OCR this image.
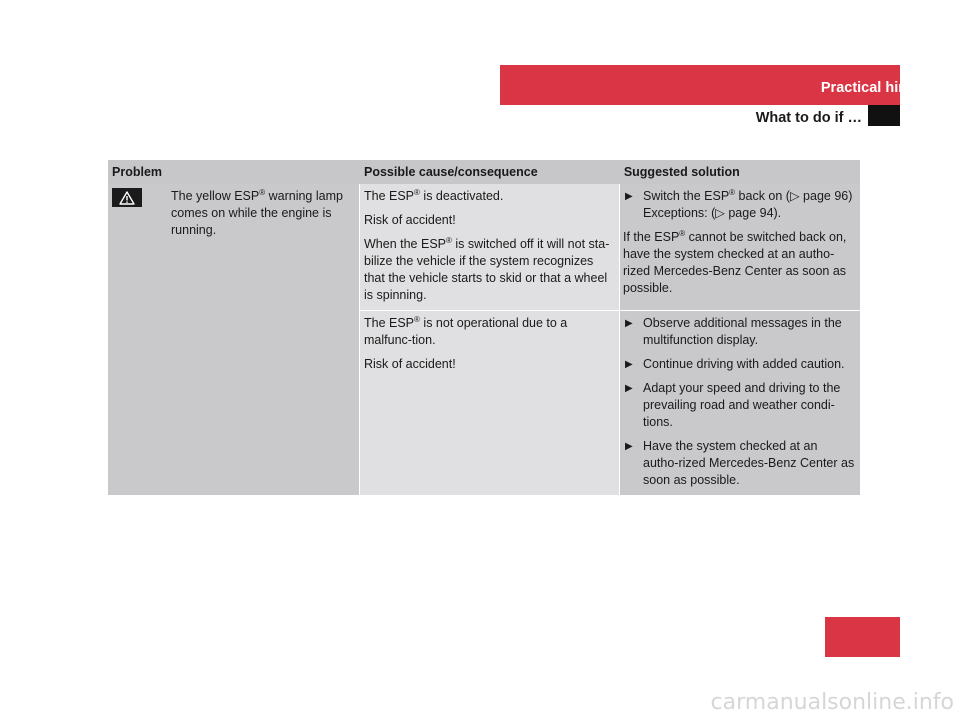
Practical hints
What to do if …
Problem	Possible cause/consequence	Suggested solution
The yellow ESP® warning lamp comes on while the engine is running.

The ESP® is deactivated.

Risk of accident!

When the ESP® is switched off it will not sta-bilize the vehicle if the system recognizes that the vehicle starts to skid or that a wheel is spinning.

▶ Switch the ESP® back on (▷ page 96) Exceptions: (▷ page 94).

If the ESP® cannot be switched back on, have the system checked at an autho-rized Mercedes-Benz Center as soon as possible.

The ESP® is not operational due to a malfunc-tion.

Risk of accident!

▶ Observe additional messages in the multifunction display.
▶ Continue driving with added caution.
▶ Adapt your speed and driving to the prevailing road and weather condi-tions.
▶ Have the system checked at an autho-rized Mercedes-Benz Center as soon as possible.
345
carmanualsonline.info
